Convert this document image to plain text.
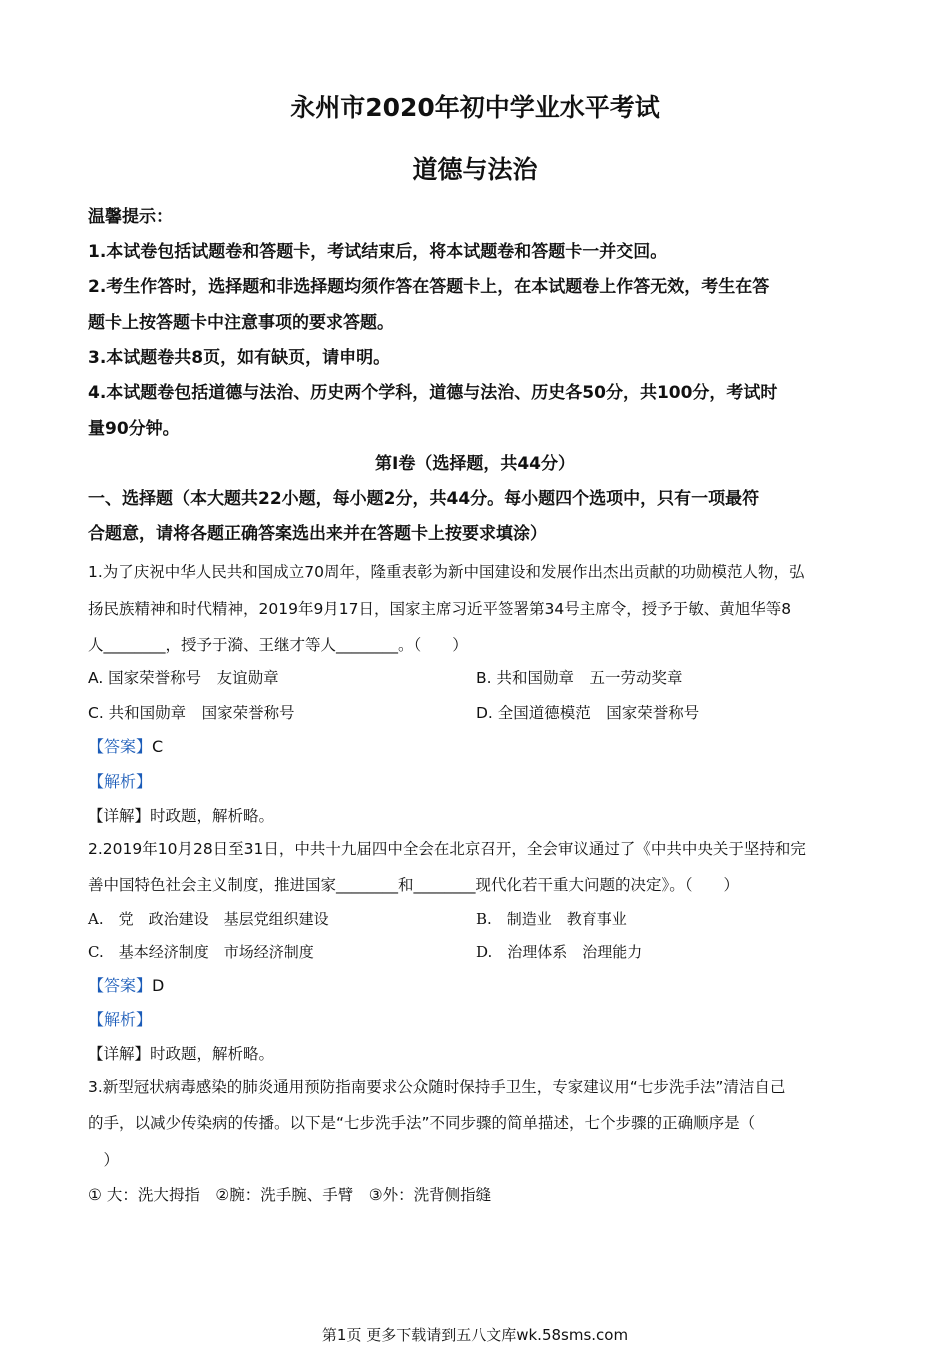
永州市2020年初中学业水平考试
道德与法治
温馨提示：
1.本试卷包括试题卷和答题卡，考试结束后，将本试题卷和答题卡一并交回。
2.考生作答时，选择题和非选择题均须作答在答题卡上，在本试题卷上作答无效，考生在答
题卡上按答题卡中注意事项的要求答题。
3.本试题卷共8页，如有缺页，请申明。
4.本试题卷包括道德与法治、历史两个学科，道德与法治、历史各50分，共100分，考试时
量90分钟。
第Ⅰ卷（选择题，共44分）
一、选择题（本大题共22小题，每小题2分，共44分。每小题四个选项中，只有一项最符
合题意，请将各题正确答案选出来并在答题卡上按要求填涂）
1.为了庆祝中华人民共和国成立70周年，隆重表彰为新中国建设和发展作出杰出贡献的功勋模范人物，弘
扬民族精神和时代精神，2019年9月17日，国家主席习近平签署第34号主席令，授予于敏、黄旭华等8
人________，授予于漪、王继才等人________。（　　）
A. 国家荣誉称号　友谊勋章	B. 共和国勋章　五一劳动奖章
C. 共和国勋章　国家荣誉称号	D. 全国道德模范　国家荣誉称号
【答案】C
【解析】
【详解】时政题，解析略。
2.2019年10月28日至31日，中共十九届四中全会在北京召开，全会审议通过了《中共中央关于坚持和完
善中国特色社会主义制度，推进国家________和________现代化若干重大问题的决定》。（　　）
A.　党　政治建设　基层党组织建设	B.　制造业　教育事业
C.　基本经济制度　市场经济制度	D.　治理体系　治理能力
【答案】D
【解析】
【详解】时政题，解析略。
3.新型冠状病毒感染的肺炎通用预防指南要求公众随时保持手卫生，专家建议用“七步洗手法”清洁自己
的手，以减少传染病的传播。以下是“七步洗手法”不同步骤的简单描述，七个步骤的正确顺序是（
　）
① 大：洗大拇指　②腕：洗手腕、手臂　③外：洗背侧指缝
第1页 更多下载请到五八文库wk.58sms.com
